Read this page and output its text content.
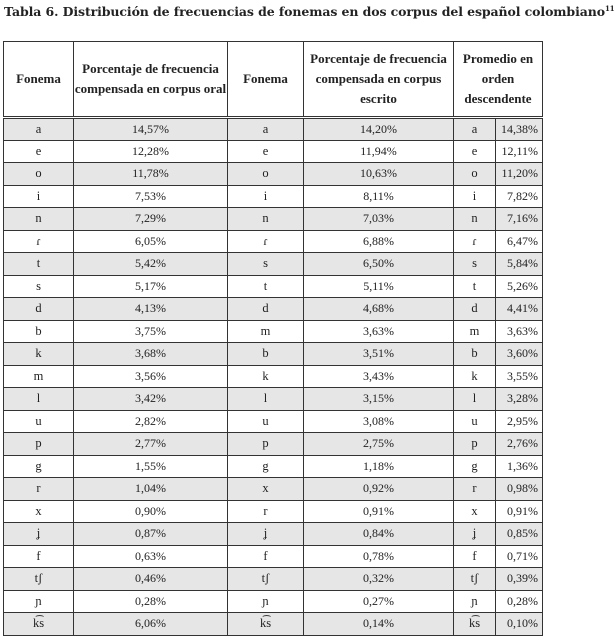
Tabla 6. Distribución de frecuencias de fonemas en dos corpus del español colombiano$^{11}$
Fonema	Porcentaje de frecuencia compensada en corpus oral	Fonema	Porcentaje de frecuencia compensada en corpus escrito	Promedio en orden descendente	
a	14,57%	a	14,20%	a	14,38%
e	12,28%	e	11,94%	e	12,11%
o	11,78%	o	10,63%	o	11,20%
i	7,53%	i	8,11%	i	7,82%
n	7,29%	n	7,03%	n	7,16%
ɾ	6,05%	ɾ	6,88%	ɾ	6,47%
t	5,42%	s	6,50%	s	5,84%
s	5,17%	t	5,11%	t	5,26%
d	4,13%	d	4,68%	d	4,41%
b	3,75%	m	3,63%	m	3,63%
k	3,68%	b	3,51%	b	3,60%
m	3,56%	k	3,43%	k	3,55%
l	3,42%	l	3,15%	l	3,28%
u	2,82%	u	3,08%	u	2,95%
p	2,77%	p	2,75%	p	2,76%
g	1,55%	g	1,18%	g	1,36%
r	1,04%	x	0,92%	r	0,98%
x	0,90%	r	0,91%	x	0,91%
ʝ	0,87%	ʝ	0,84%	ʝ	0,85%
f	0,63%	f	0,78%	f	0,71%
tʃ	0,46%	tʃ	0,32%	tʃ	0,39%
ɲ	0,28%	ɲ	0,27%	ɲ	0,28%
k͡s	6,06%	k͡s	0,14%	k͡s	0,10%
